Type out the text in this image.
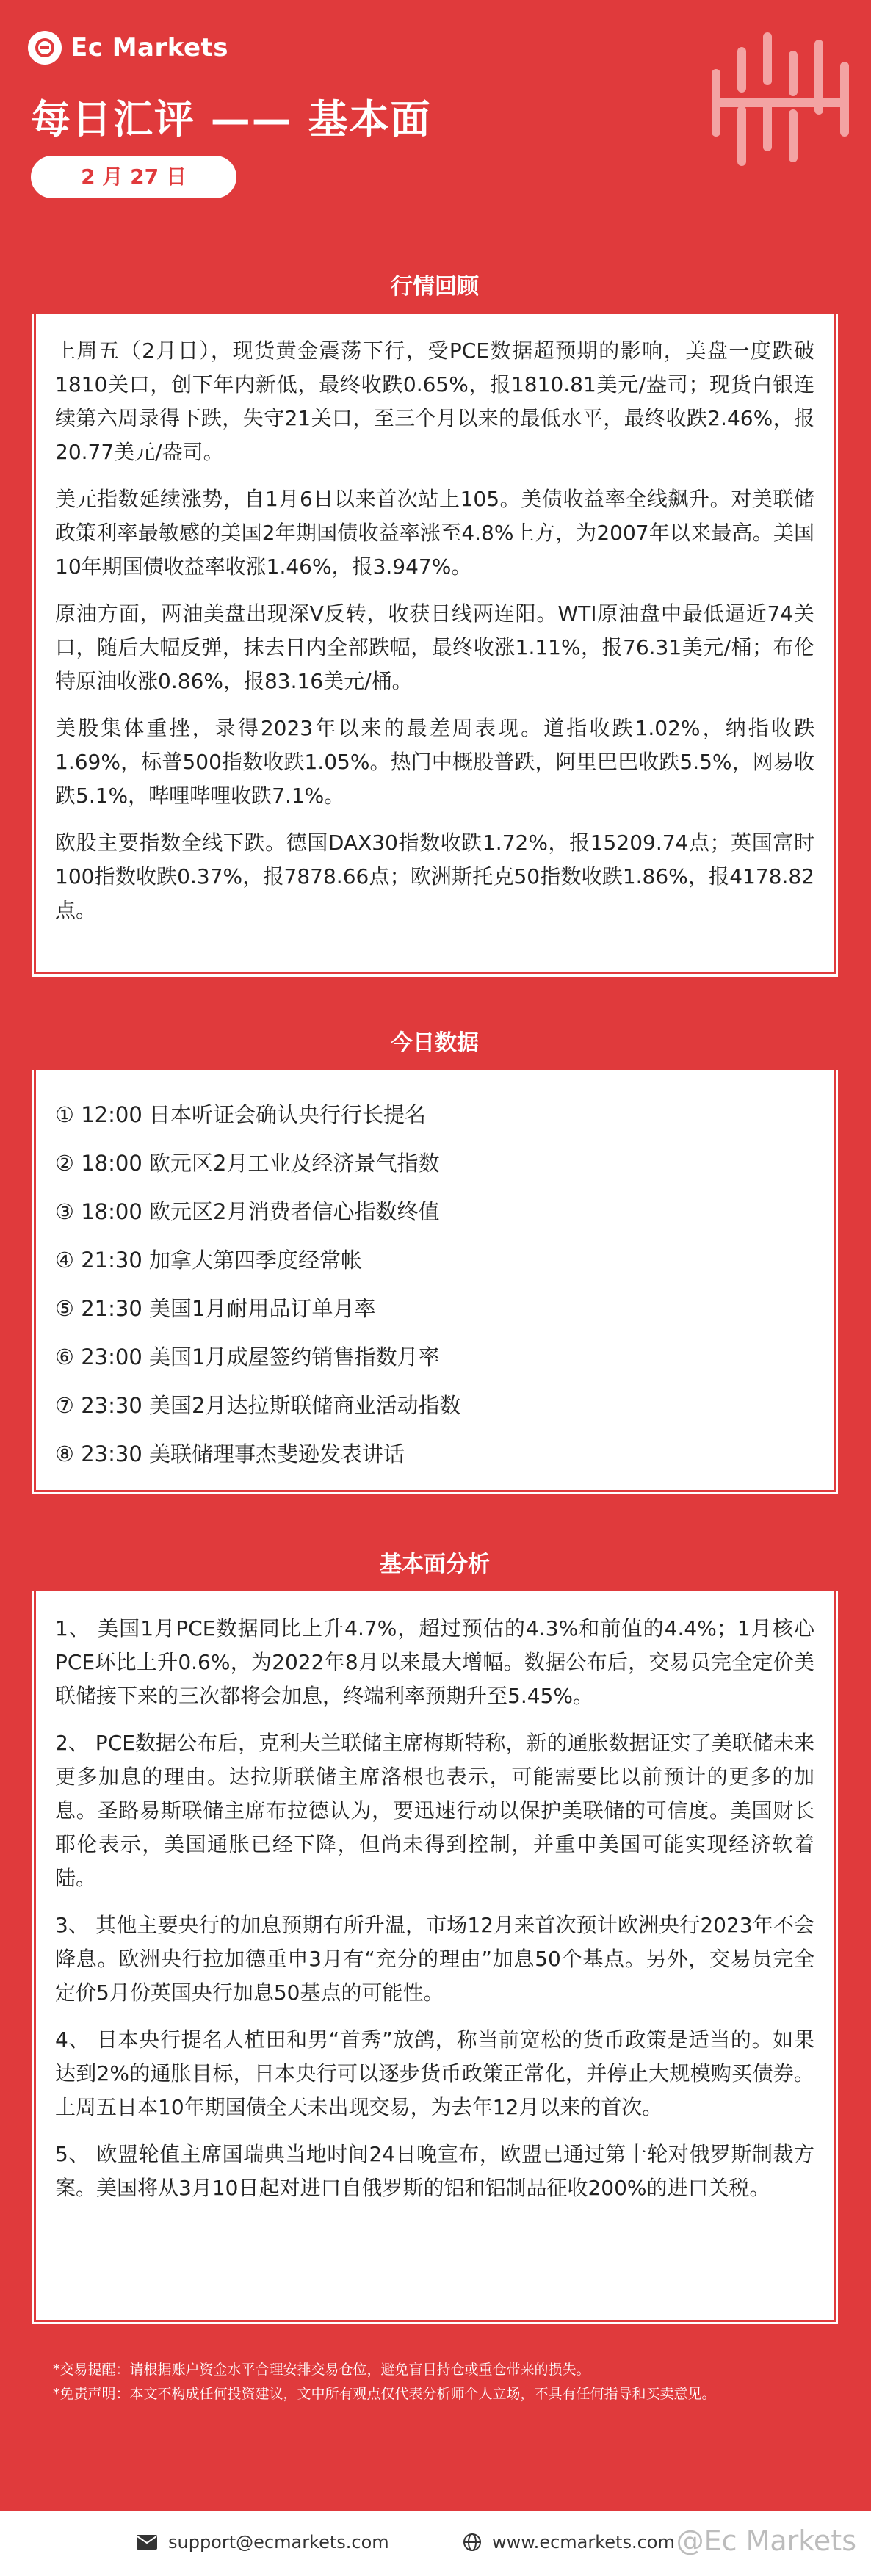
Ec Markets
每日汇评 —— 基本面
2 月 27 日
行情回顾

上周五（2月日），现货黄金震荡下行，受PCE数据超预期的影响，美盘一度跌破1810关口，创下年内新低，最终收跌0.65%，报1810.81美元/盎司；现货白银连续第六周录得下跌，失守21关口，至三个月以来的最低水平，最终收跌2.46%，报20.77美元/盎司。

美元指数延续涨势，自1月6日以来首次站上105。美债收益率全线飙升。对美联储政策利率最敏感的美国2年期国债收益率涨至4.8%上方，为2007年以来最高。美国10年期国债收益率收涨1.46%，报3.947%。

原油方面，两油美盘出现深V反转，收获日线两连阳。WTI原油盘中最低逼近74关口，随后大幅反弹，抹去日内全部跌幅，最终收涨1.11%，报76.31美元/桶；布伦特原油收涨0.86%，报83.16美元/桶。

美股集体重挫，录得2023年以来的最差周表现。道指收跌1.02%，纳指收跌1.69%，标普500指数收跌1.05%。热门中概股普跌，阿里巴巴收跌5.5%，网易收跌5.1%，哔哩哔哩收跌7.1%。

欧股主要指数全线下跌。德国DAX30指数收跌1.72%，报15209.74点；英国富时100指数收跌0.37%，报7878.66点；欧洲斯托克50指数收跌1.86%，报4178.82点。

今日数据
① 12:00 日本听证会确认央行行长提名
② 18:00 欧元区2月工业及经济景气指数
③ 18:00 欧元区2月消费者信心指数终值
④ 21:30 加拿大第四季度经常帐
⑤ 21:30 美国1月耐用品订单月率
⑥ 23:00 美国1月成屋签约销售指数月率
⑦ 23:30 美国2月达拉斯联储商业活动指数
⑧ 23:30 美联储理事杰斐逊发表讲话
基本面分析

1、 美国1月PCE数据同比上升4.7%，超过预估的4.3%和前值的4.4%；1月核心PCE环比上升0.6%，为2022年8月以来最大增幅。数据公布后，交易员完全定价美联储接下来的三次都将会加息，终端利率预期升至5.45%。

2、 PCE数据公布后，克利夫兰联储主席梅斯特称，新的通胀数据证实了美联储未来更多加息的理由。达拉斯联储主席洛根也表示，可能需要比以前预计的更多的加息。圣路易斯联储主席布拉德认为，要迅速行动以保护美联储的可信度。美国财长耶伦表示，美国通胀已经下降，但尚未得到控制，并重申美国可能实现经济软着陆。

3、 其他主要央行的加息预期有所升温，市场12月来首次预计欧洲央行2023年不会降息。欧洲央行拉加德重申3月有“充分的理由”加息50个基点。另外，交易员完全定价5月份英国央行加息50基点的可能性。

4、 日本央行提名人植田和男“首秀”放鸽，称当前宽松的货币政策是适当的。如果达到2%的通胀目标，日本央行可以逐步货币政策正常化，并停止大规模购买债券。上周五日本10年期国债全天未出现交易，为去年12月以来的首次。

5、 欧盟轮值主席国瑞典当地时间24日晚宣布，欧盟已通过第十轮对俄罗斯制裁方案。美国将从3月10日起对进口自俄罗斯的铝和铝制品征收200%的进口关税。

*交易提醒：请根据账户资金水平合理安排交易仓位，避免盲目持仓或重仓带来的损失。

*免责声明：本文不构成任何投资建议，文中所有观点仅代表分析师个人立场，不具有任何指导和买卖意见。

support@ecmarkets.com	www.ecmarkets.com @Ec Markets
